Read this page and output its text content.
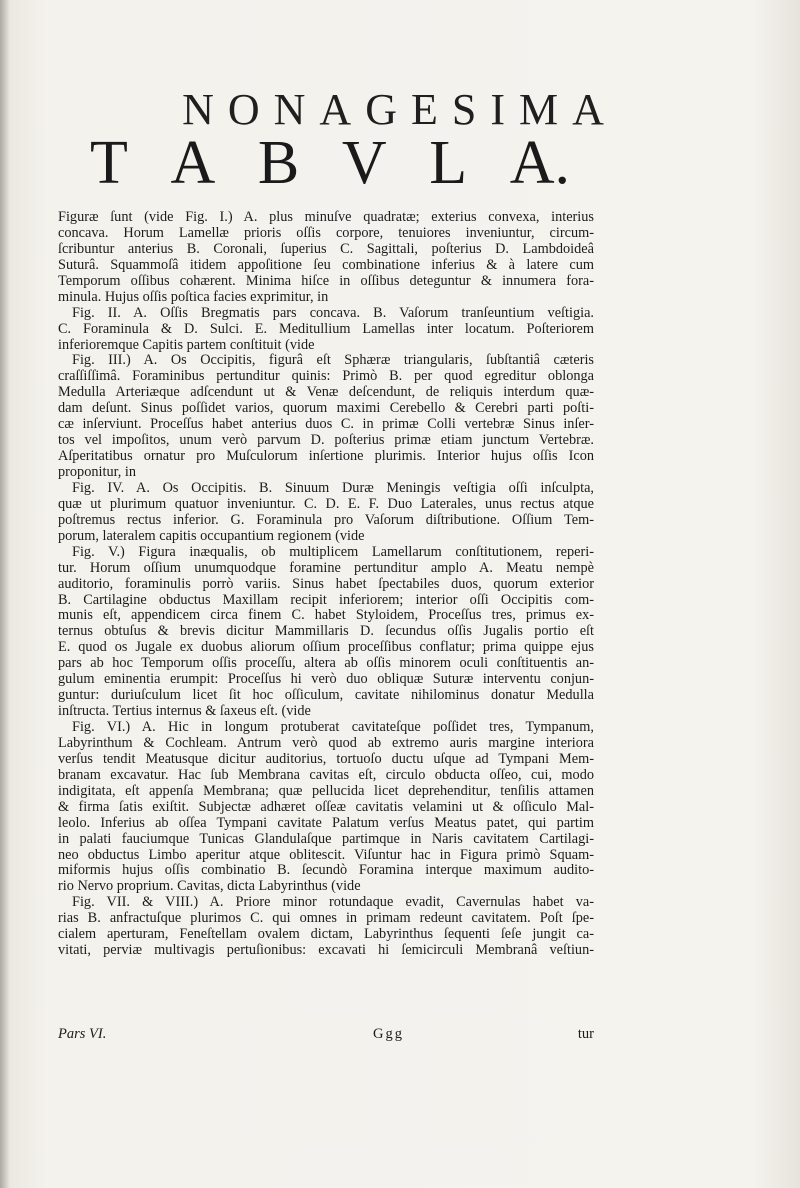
NONAGESIMA
T A B V L A.
Figuræ ſunt (vide Fig. I.) A. plus minuſve quadratæ; exterius convexa, interius
concava. Horum Lamellæ prioris oſſis corpore, tenuiores inveniuntur, circum-
ſcribuntur anterius B. Coronali, ſuperius C. Sagittali, poſterius D. Lambdoideâ
Suturâ. Squammoſâ itidem appoſitione ſeu combinatione inferius & à latere cum
Temporum oſſibus cohærent. Minima hiſce in oſſibus deteguntur & innumera fora-
minula. Hujus oſſis poſtica facies exprimitur, in
Fig. II. A. Oſſis Bregmatis pars concava. B. Vaſorum tranſeuntium veſtigia.
C. Foraminula & D. Sulci. E. Meditullium Lamellas inter locatum. Poſteriorem
inferioremque Capitis partem conſtituit (vide
Fig. III.) A. Os Occipitis, figurâ eſt Sphæræ triangularis, ſubſtantiâ cæteris
craſſiſſimâ. Foraminibus pertunditur quinis: Primò B. per quod egreditur oblonga
Medulla Arteriæque adſcendunt ut & Venæ deſcendunt, de reliquis interdum quæ-
dam deſunt. Sinus poſſidet varios, quorum maximi Cerebello & Cerebri parti poſti-
cæ inſerviunt. Proceſſus habet anterius duos C. in primæ Colli vertebræ Sinus inſer-
tos vel impoſitos, unum verò parvum D. poſterius primæ etiam junctum Vertebræ.
Aſperitatibus ornatur pro Muſculorum inſertione plurimis. Interior hujus oſſis Icon
proponitur, in
Fig. IV. A. Os Occipitis. B. Sinuum Duræ Meningis veſtigia oſſi inſculpta,
quæ ut plurimum quatuor inveniuntur. C. D. E. F. Duo Laterales, unus rectus atque
poſtremus rectus inferior. G. Foraminula pro Vaſorum diſtributione. Oſſium Tem-
porum, lateralem capitis occupantium regionem (vide
Fig. V.) Figura inæqualis, ob multiplicem Lamellarum conſtitutionem, reperi-
tur. Horum oſſium unumquodque foramine pertunditur amplo A. Meatu nempè
auditorio, foraminulis porrò variis. Sinus habet ſpectabiles duos, quorum exterior
B. Cartilagine obductus Maxillam recipit inferiorem; interior oſſi Occipitis com-
munis eſt, appendicem circa finem C. habet Styloidem, Proceſſus tres, primus ex-
ternus obtuſus & brevis dicitur Mammillaris D. ſecundus oſſis Jugalis portio eſt
E. quod os Jugale ex duobus aliorum oſſium proceſſibus conflatur; prima quippe ejus
pars ab hoc Temporum oſſis proceſſu, altera ab oſſis minorem oculi conſtituentis an-
gulum eminentia erumpit: Proceſſus hi verò duo obliquæ Suturæ interventu conjun-
guntur: duriuſculum licet ſit hoc oſſiculum, cavitate nihilominus donatur Medulla
inſtructa. Tertius internus & ſaxeus eſt. (vide
Fig. VI.) A. Hic in longum protuberat cavitateſque poſſidet tres, Tympanum,
Labyrinthum & Cochleam. Antrum verò quod ab extremo auris margine interiora
verſus tendit Meatusque dicitur auditorius, tortuoſo ductu uſque ad Tympani Mem-
branam excavatur. Hac ſub Membrana cavitas eſt, circulo obducta oſſeo, cui, modo
indigitata, eſt appenſa Membrana; quæ pellucida licet deprehenditur, tenſilis attamen
& firma ſatis exiſtit. Subjectæ adhæret oſſeæ cavitatis velamini ut & oſſiculo Mal-
leolo. Inferius ab oſſea Tympani cavitate Palatum verſus Meatus patet, qui partim
in palati fauciumque Tunicas Glandulaſque partimque in Naris cavitatem Cartilagi-
neo obductus Limbo aperitur atque oblitescit. Viſuntur hac in Figura primò Squam-
miformis hujus oſſis combinatio B. ſecundò Foramina interque maximum audito-
rio Nervo proprium. Cavitas, dicta Labyrinthus (vide
Fig. VII. & VIII.) A. Priore minor rotundaque evadit, Cavernulas habet va-
rias B. anfractuſque plurimos C. qui omnes in primam redeunt cavitatem. Poſt ſpe-
cialem aperturam, Feneſtellam ovalem dictam, Labyrinthus ſequenti ſeſe jungit ca-
vitati, perviæ multivagis pertuſionibus: excavati hi ſemicirculi Membranâ veſtiun-
Pars VI.	Ggg	tur
